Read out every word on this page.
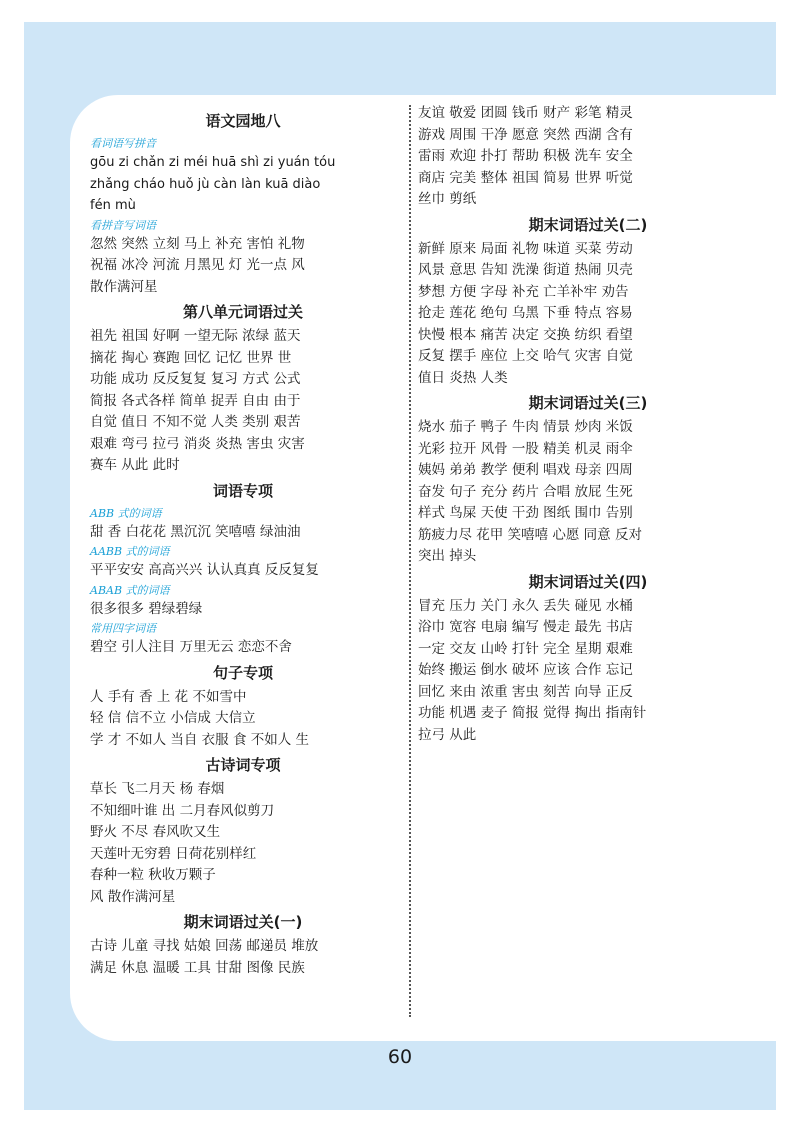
语文园地八
看词语写拼音
gōu zi chǎn zi méi huā shì zi yuán tóu
zhǎng cháo huǒ jù càn làn kuā diào
fén mù
看拼音写词语
忽然 突然 立刻 马上 补充 害怕 礼物
祝福 冰冷 河流 月黑见 灯 光一点 风
散作满河星
第八单元词语过关
祖先 祖国 好啊 一望无际 浓绿 蓝天
摘花 掏心 赛跑 回忆 记忆 世界 世
功能 成功 反反复复 复习 方式 公式
简报 各式各样 简单 捉弄 自由 由于
自觉 值日 不知不觉 人类 类别 艰苦
艰难 弯弓 拉弓 消炎 炎热 害虫 灾害
赛车 从此 此时
词语专项
ABB 式的词语
甜 香 白花花 黑沉沉 笑嘻嘻 绿油油
AABB 式的词语
平平安安 高高兴兴 认认真真 反反复复
ABAB 式的词语
很多很多 碧绿碧绿
常用四字词语
碧空 引人注目 万里无云 恋恋不舍
句子专项
人 手有 香 上 花 不如雪中
轻 信 信不立 小信成 大信立
学 才 不如人 当自 衣服 食 不如人 生
古诗词专项
草长 飞二月天 杨 春烟
不知细叶谁 出 二月春风似剪刀
野火 不尽 春风吹又生
天莲叶无穷碧 日荷花别样红
春种一粒 秋收万颗子
风 散作满河星
期末词语过关(一)
古诗 儿童 寻找 姑娘 回荡 邮递员 堆放
满足 休息 温暖 工具 甘甜 图像 民族
友谊 敬爱 团圆 钱币 财产 彩笔 精灵
游戏 周围 干净 愿意 突然 西湖 含有
雷雨 欢迎 扑打 帮助 积极 洗车 安全
商店 完美 整体 祖国 简易 世界 听觉
丝巾 剪纸
期末词语过关(二)
新鲜 原来 局面 礼物 味道 买菜 劳动
风景 意思 告知 洗澡 街道 热闹 贝壳
梦想 方便 字母 补充 亡羊补牢 劝告
抢走 莲花 绝句 乌黑 下垂 特点 容易
快慢 根本 痛苦 决定 交换 纺织 看望
反复 摆手 座位 上交 哈气 灾害 自觉
值日 炎热 人类
期末词语过关(三)
烧水 茄子 鸭子 牛肉 情景 炒肉 米饭
光彩 拉开 风骨 一股 精美 机灵 雨伞
姨妈 弟弟 教学 便利 唱戏 母亲 四周
奋发 句子 充分 药片 合唱 放屁 生死
样式 鸟屎 天使 干劲 图纸 围巾 告别
筋疲力尽 花甲 笑嘻嘻 心愿 同意 反对
突出 掉头
期末词语过关(四)
冒充 压力 关门 永久 丢失 碰见 水桶
浴巾 宽容 电扇 编写 慢走 最先 书店
一定 交友 山岭 打针 完全 星期 艰难
始终 搬运 倒水 破坏 应该 合作 忘记
回忆 来由 浓重 害虫 刻苦 向导 正反
功能 机遇 麦子 简报 觉得 掏出 指南针
拉弓 从此
60
